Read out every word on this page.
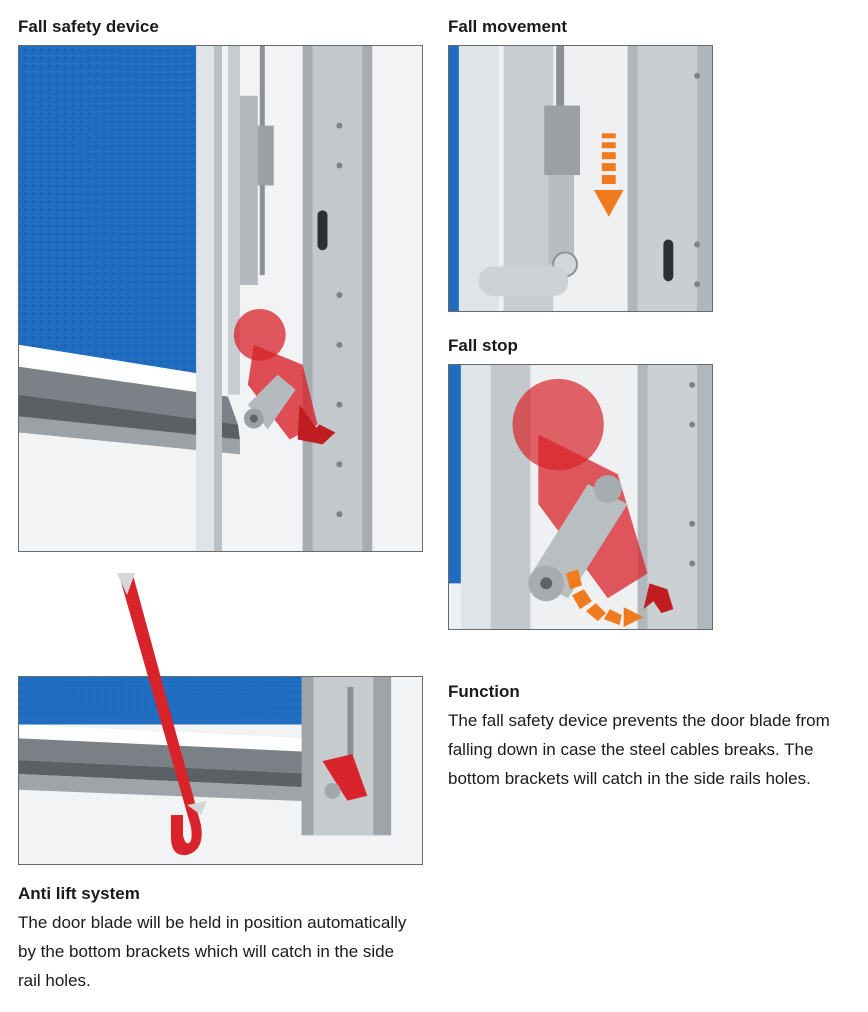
Fall safety device	Fall movement
Fall stop
Function

The fall safety device prevents the door blade from falling down in case the steel cables breaks. The bottom brackets will catch in the side rails holes.

Anti lift system

The door blade will be held in position automatically by the bottom brackets which will catch in the side rail holes.
